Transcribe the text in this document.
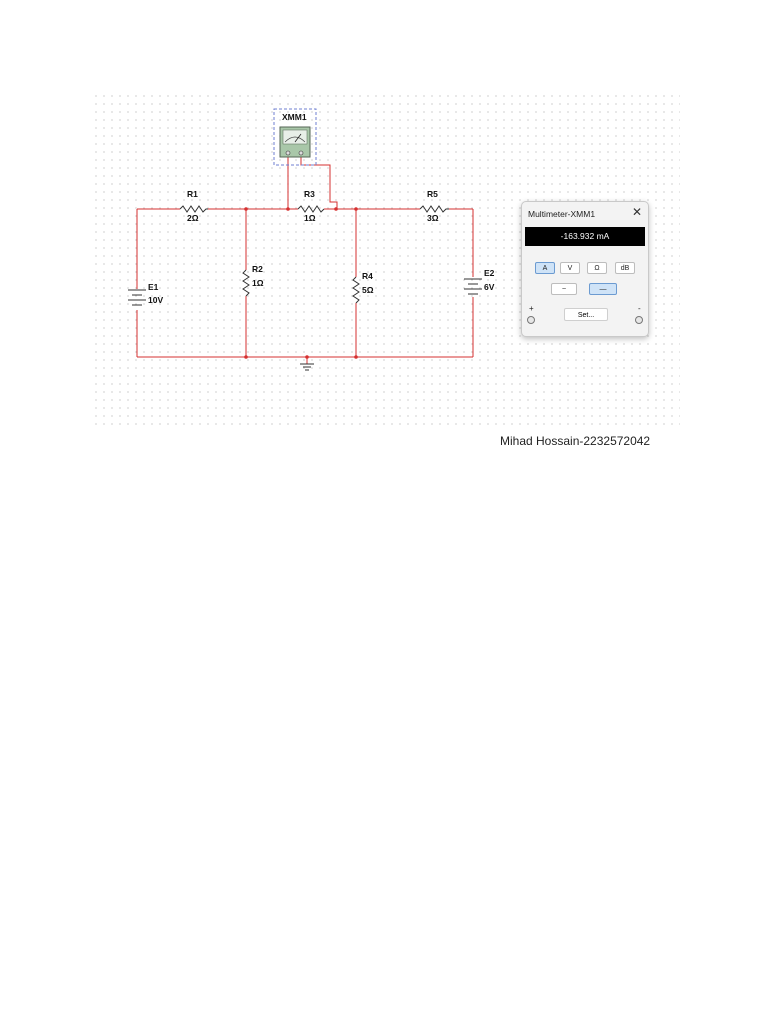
R1
2Ω
R3
1Ω
R5
3Ω
R2
1Ω
R4
5Ω
E1
10V
E2
6V
XMM1
Multimeter-XMM1	✕
-163.932 mA
A	V	Ω	dB
~	—
+	-
Set...
Mihad Hossain-2232572042
